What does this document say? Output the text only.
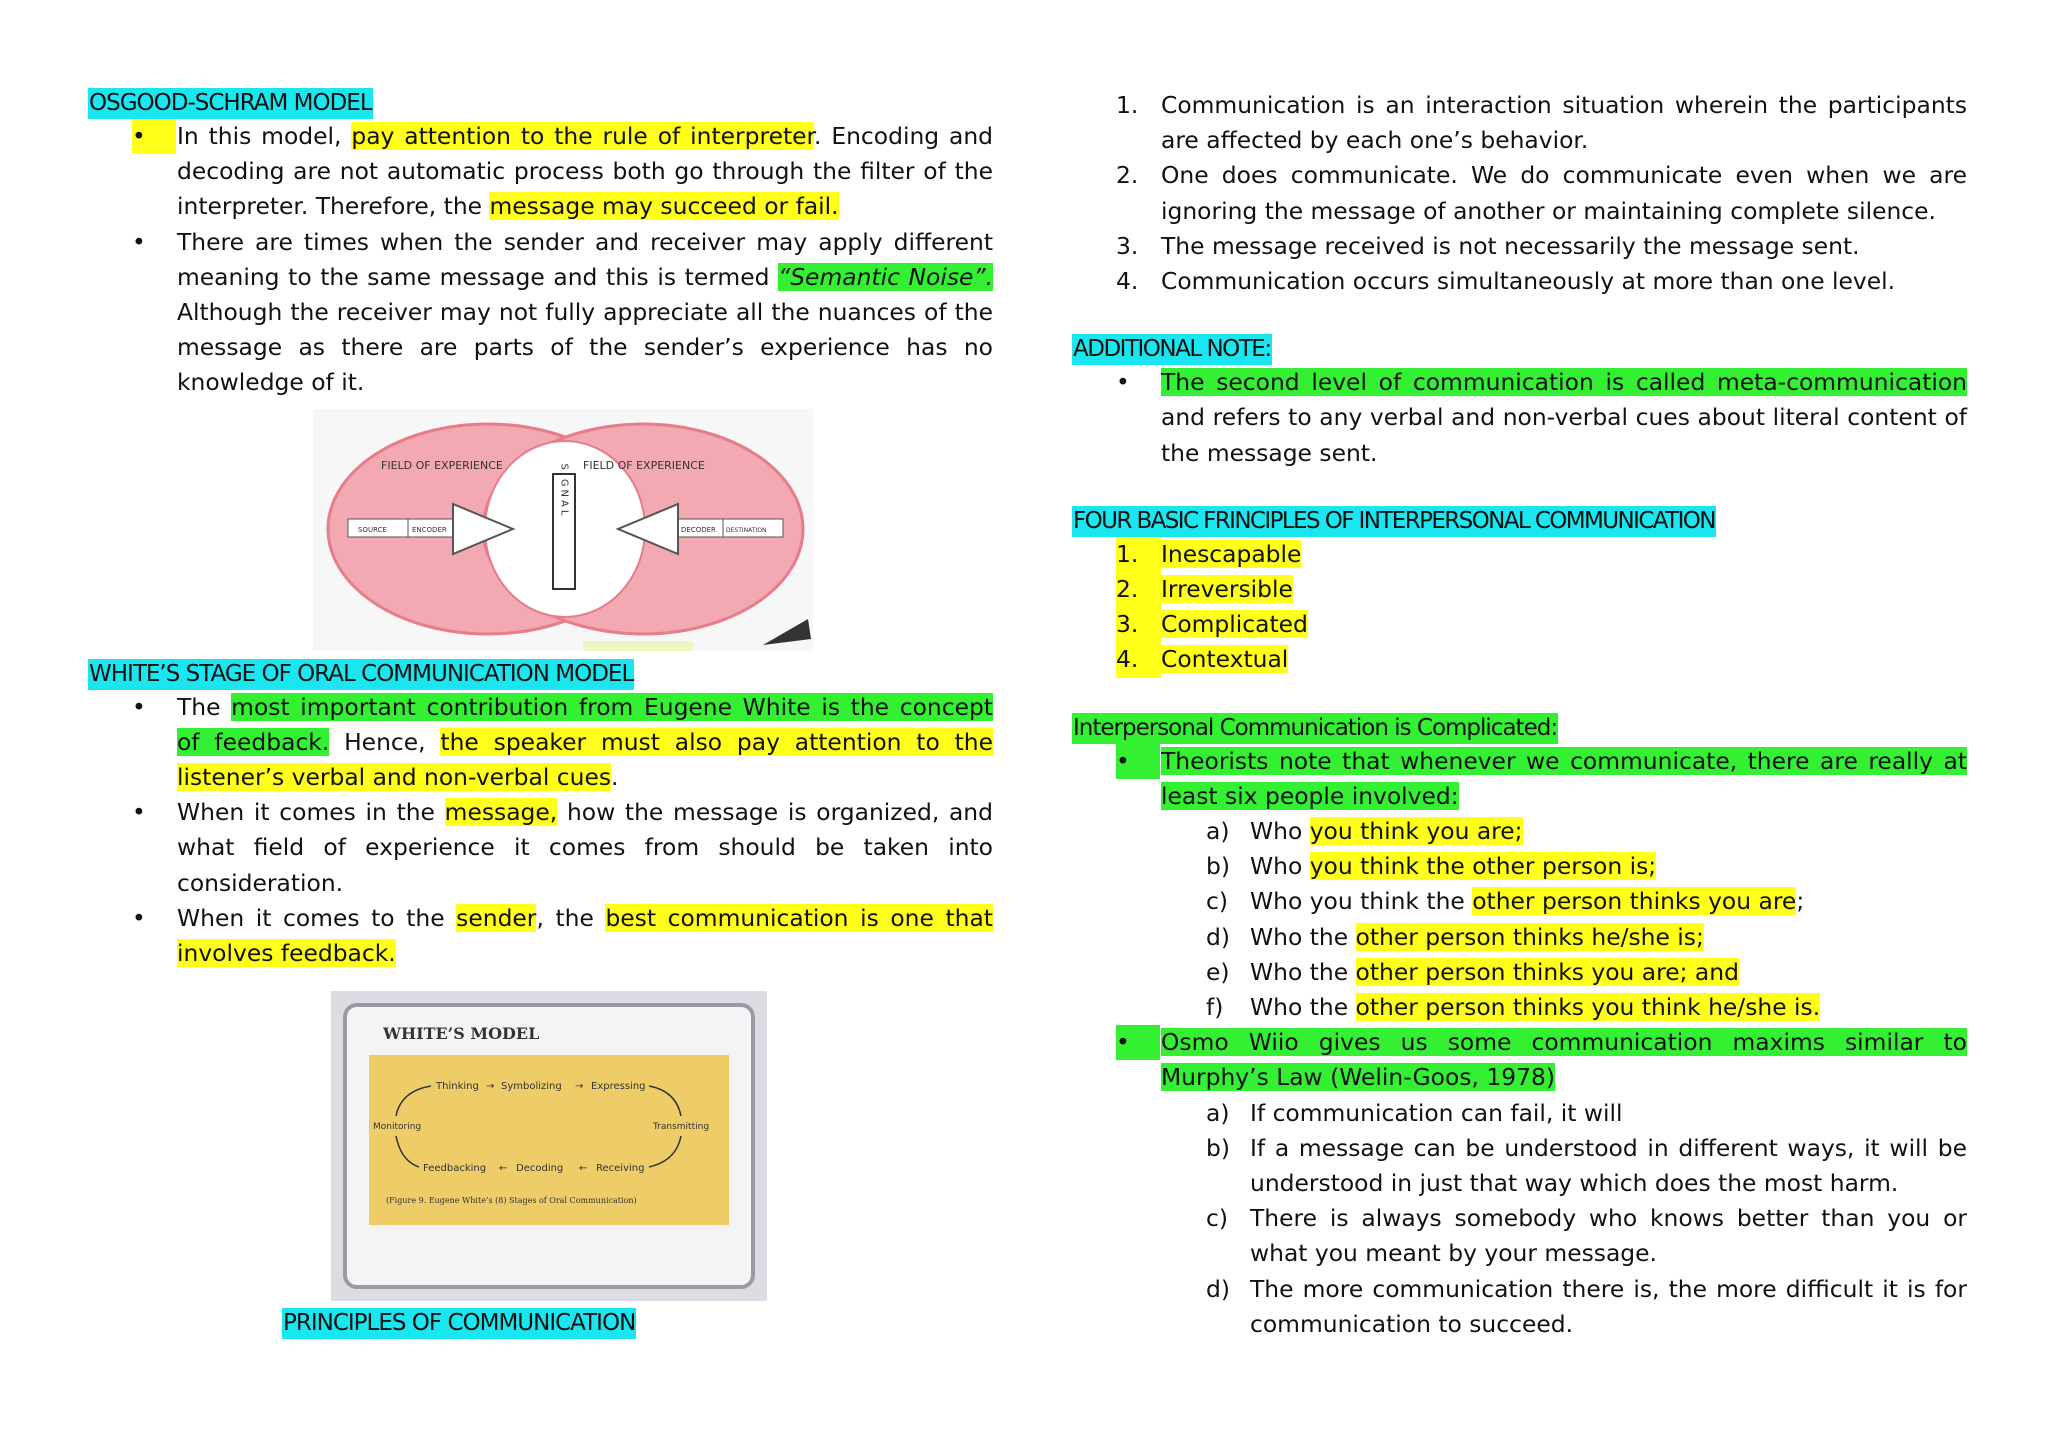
OSGOOD-SCHRAM MODEL
•	In this model, pay attention to the rule of interpreter. Encoding and decoding are not automatic process both go through the filter of the interpreter. Therefore, the message may succeed or fail.
•	There are times when the sender and receiver may apply different meaning to the same message and this is termed “Semantic Noise”. Although the receiver may not fully appreciate all the nuances of the message as there are parts of the sender’s experience has no knowledge of it.
FIELD OF EXPERIENCE	FIELD OF EXPERIENCE
SOURCE	ENCODER	DECODER DESTINATION
SIGNAL
WHITE’S STAGE OF ORAL COMMUNICATION MODEL
•	The most important contribution from Eugene White is the concept of feedback. Hence, the speaker must also pay attention to the listener’s verbal and non-verbal cues.
•	When it comes in the message, how the message is organized, and what field of experience it comes from should be taken into consideration.
•	When it comes to the sender, the best communication is one that involves feedback.
WHITE’S MODEL
Thinking Symbolizing	Expressing
→	→
Monitoring	Transmitting
Feedbacking	Decoding	Receiving
←	←
(Figure 9. Eugene White’s (8) Stages of Oral Communication)
PRINCIPLES OF COMMUNICATION
1. Communication is an interaction situation wherein the participants are affected by each one’s behavior.
2. One does communicate. We do communicate even when we are ignoring the message of another or maintaining complete silence.
3. The message received is not necessarily the message sent.
4. Communication occurs simultaneously at more than one level.
ADDITIONAL NOTE:
•	The second level of communication is called meta-communication and refers to any verbal and non-verbal cues about literal content of the message sent.
FOUR BASIC FRINCIPLES OF INTERPERSONAL COMMUNICATION
1. Inescapable
2. Irreversible
3. Complicated
4. Contextual
Interpersonal Communication is Complicated:
•	Theorists note that whenever we communicate, there are really at least six people involved:
a) Who you think you are;
b) Who you think the other person is;
c) Who you think the other person thinks you are;
d) Who the other person thinks he/she is;
e) Who the other person thinks you are; and
f) Who the other person thinks you think he/she is.
•	Osmo Wiio gives us some communication maxims similar to Murphy’s Law (Welin-Goos, 1978)
a) If communication can fail, it will
b) If a message can be understood in different ways, it will be understood in just that way which does the most harm.
c) There is always somebody who knows better than you or what you meant by your message.
d) The more communication there is, the more difficult it is for communication to succeed.
